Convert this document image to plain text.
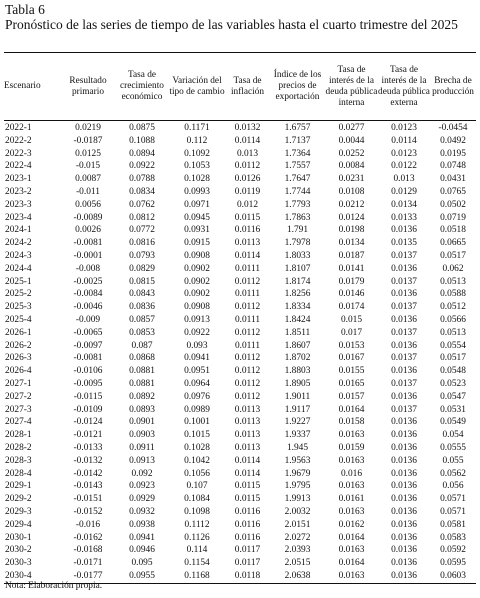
Tabla 6
Pronóstico de las series de tiempo de las variables hasta el cuarto trimestre del 2025
Escenario	Resultado primario	Tasa de crecimiento económico	Variación del tipo de cambio	Tasa de inflación	Índice de los precios de exportación	Tasa de interés de la deuda pública interna	Tasa de interés de la deuda pública externa	Brecha de producción
2022-1	0.0219	0.0875	0.1171	0.0132	1.6757	0.0277	0.0123	-0.0454
2022-2	-0.0187	0.1088	0.112	0.0114	1.7137	0.0044	0.0114	0.0492
2022-3	0.0125	0.0894	0.1092	0.013	1.7364	0.0252	0.0123	0.0195
2022-4	-0.015	0.0922	0.1053	0.0112	1.7557	0.0084	0.0122	0.0748
2023-1	0.0087	0.0788	0.1028	0.0126	1.7647	0.0231	0.013	0.0431
2023-2	-0.011	0.0834	0.0993	0.0119	1.7744	0.0108	0.0129	0.0765
2023-3	0.0056	0.0762	0.0971	0.012	1.7793	0.0212	0.0134	0.0502
2023-4	-0.0089	0.0812	0.0945	0.0115	1.7863	0.0124	0.0133	0.0719
2024-1	0.0026	0.0772	0.0931	0.0116	1.791	0.0198	0.0136	0.0518
2024-2	-0.0081	0.0816	0.0915	0.0113	1.7978	0.0134	0.0135	0.0665
2024-3	-0.0001	0.0793	0.0908	0.0114	1.8033	0.0187	0.0137	0.0517
2024-4	-0.008	0.0829	0.0902	0.0111	1.8107	0.0141	0.0136	0.062
2025-1	-0.0025	0.0815	0.0902	0.0112	1.8174	0.0179	0.0137	0.0513
2025-2	-0.0084	0.0843	0.0902	0.0111	1.8256	0.0146	0.0136	0.0588
2025-3	-0.0046	0.0836	0.0908	0.0112	1.8334	0.0174	0.0137	0.0512
2025-4	-0.009	0.0857	0.0913	0.0111	1.8424	0.015	0.0136	0.0566
2026-1	-0.0065	0.0853	0.0922	0.0112	1.8511	0.017	0.0137	0.0513
2026-2	-0.0097	0.087	0.093	0.0111	1.8607	0.0153	0.0136	0.0554
2026-3	-0.0081	0.0868	0.0941	0.0112	1.8702	0.0167	0.0137	0.0517
2026-4	-0.0106	0.0881	0.0951	0.0112	1.8803	0.0155	0.0136	0.0548
2027-1	-0.0095	0.0881	0.0964	0.0112	1.8905	0.0165	0.0137	0.0523
2027-2	-0.0115	0.0892	0.0976	0.0112	1.9011	0.0157	0.0136	0.0547
2027-3	-0.0109	0.0893	0.0989	0.0113	1.9117	0.0164	0.0137	0.0531
2027-4	-0.0124	0.0901	0.1001	0.0113	1.9227	0.0158	0.0136	0.0549
2028-1	-0.0121	0.0903	0.1015	0.0113	1.9337	0.0163	0.0136	0.054
2028-2	-0.0133	0.0911	0.1028	0.0113	1.945	0.0159	0.0136	0.0555
2028-3	-0.0132	0.0913	0.1042	0.0114	1.9563	0.0163	0.0136	0.055
2028-4	-0.0142	0.092	0.1056	0.0114	1.9679	0.016	0.0136	0.0562
2029-1	-0.0143	0.0923	0.107	0.0115	1.9795	0.0163	0.0136	0.056
2029-2	-0.0151	0.0929	0.1084	0.0115	1.9913	0.0161	0.0136	0.0571
2029-3	-0.0152	0.0932	0.1098	0.0116	2.0032	0.0163	0.0136	0.0571
2029-4	-0.016	0.0938	0.1112	0.0116	2.0151	0.0162	0.0136	0.0581
2030-1	-0.0162	0.0941	0.1126	0.0116	2.0272	0.0164	0.0136	0.0583
2030-2	-0.0168	0.0946	0.114	0.0117	2.0393	0.0163	0.0136	0.0592
2030-3	-0.0171	0.095	0.1154	0.0117	2.0515	0.0164	0.0136	0.0595
2030-4	-0.0177	0.0955	0.1168	0.0118	2.0638	0.0163	0.0136	0.0603
Nota: Elaboración propia.
